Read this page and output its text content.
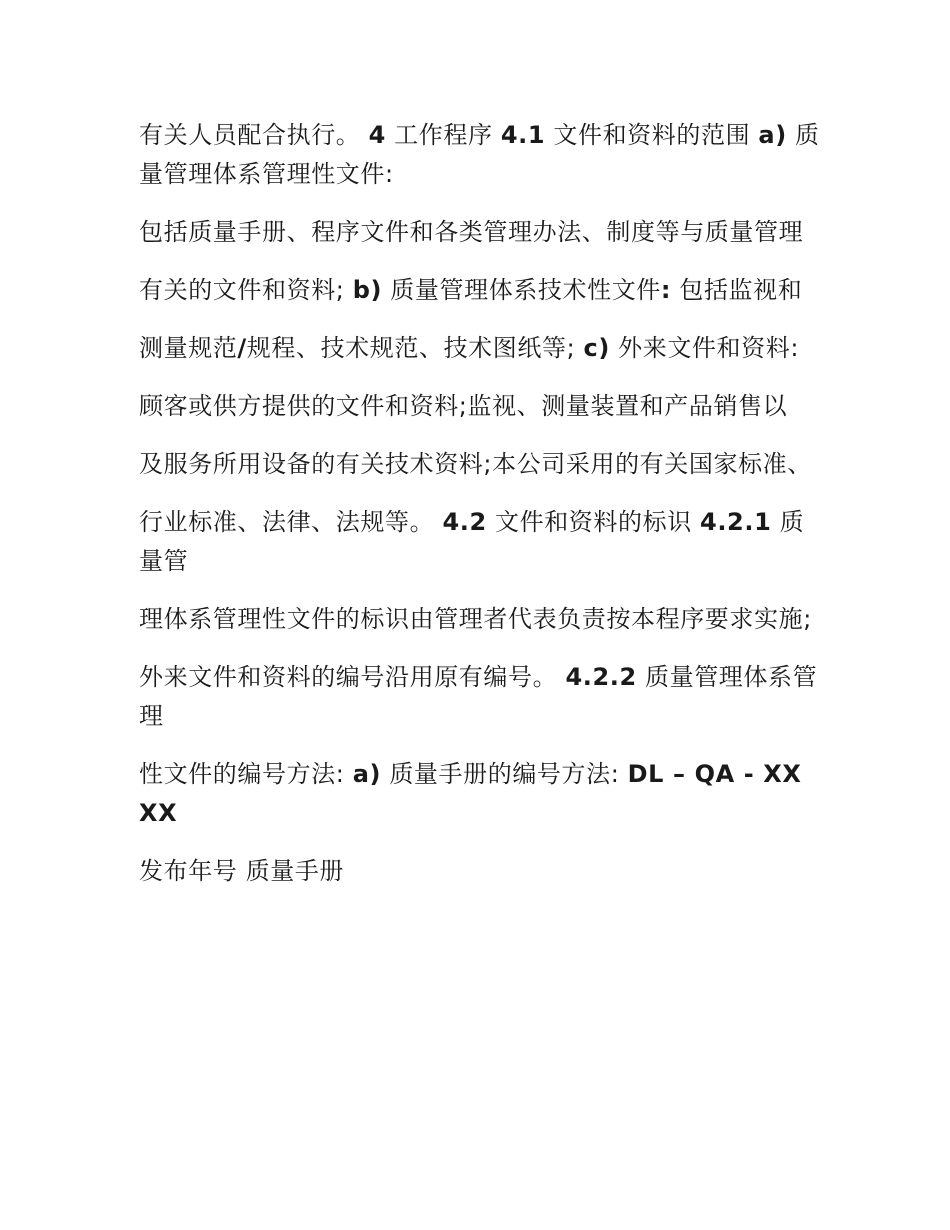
有关人员配合执行。 4 工作程序 4.1 文件和资料的范围 a) 质量管理体系管理性文件:

包括质量手册、程序文件和各类管理办法、制度等与质量管理

有关的文件和资料; b) 质量管理体系技术性文件: 包括监视和

测量规范/规程、技术规范、技术图纸等; c) 外来文件和资料:

顾客或供方提供的文件和资料;监视、测量装置和产品销售以

及服务所用设备的有关技术资料;本公司采用的有关国家标准、

行业标准、法律、法规等。 4.2 文件和资料的标识 4.2.1 质量管

理体系管理性文件的标识由管理者代表负责按本程序要求实施;

外来文件和资料的编号沿用原有编号。 4.2.2 质量管理体系管理

性文件的编号方法: a) 质量手册的编号方法: DL – QA - XXXX

发布年号 质量手册
